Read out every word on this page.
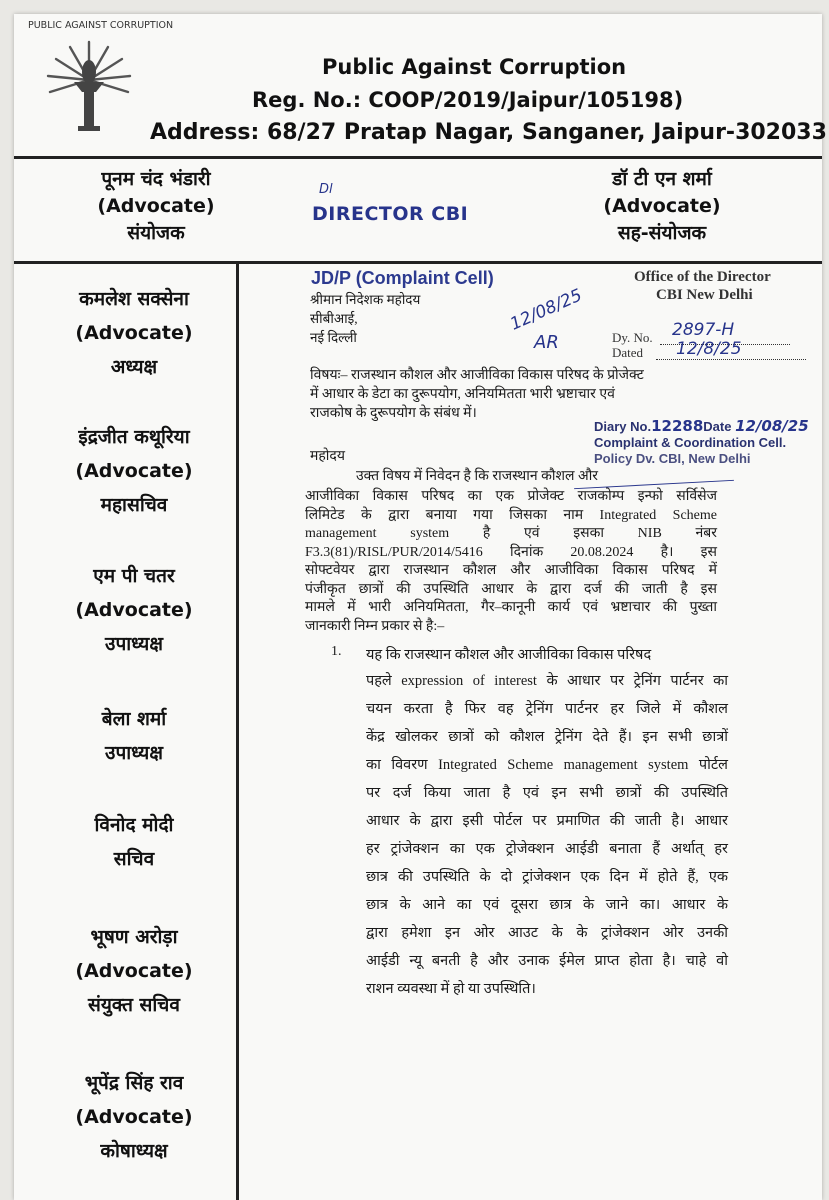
PUBLIC AGAINST CORRUPTION
Public Against Corruption
Reg. No.: COOP/2019/Jaipur/105198)
Address: 68/27 Pratap Nagar, Sanganer, Jaipur-302033
पूनम चंद भंडारी
(Advocate)
संयोजक
डॉ टी एन शर्मा
(Advocate)
सह-संयोजक
Dl
DIRECTOR CBI
कमलेश सक्सेना
(Advocate)
अध्यक्ष
इंद्रजीत कथूरिया
(Advocate)
महासचिव
एम पी चतर
(Advocate)
उपाध्यक्ष
बेला शर्मा
उपाध्यक्ष
विनोद मोदी
सचिव
भूषण अरोड़ा
(Advocate)
संयुक्त सचिव
भूपेंद्र सिंह राव
(Advocate)
कोषाध्यक्ष
JD/P (Complaint Cell)	Office of the Director
CBI New Delhi
Dy. No. 2897-H
Dated 12/8/25
12/08/25
AR
Diary No.12288Date 12/08/25
Complaint & Coordination Cell.
Policy Dv. CBI, New Delhi
श्रीमान निदेशक महोदय
सीबीआई,
नई दिल्ली
विषयः– राजस्थान कौशल और आजीविका विकास परिषद के प्रोजेक्ट
में आधार के डेटा का दुरूपयोग, अनियमितता भारी भ्रष्टाचार एवं
राजकोष के दुरूपयोग के संबंध में।
महोदय
उक्त विषय में निवेदन है कि राजस्थान कौशल और
आजीविका विकास परिषद का एक प्रोजेक्ट राजकोम्प इन्फो सर्विसेज
लिमिटेड के द्वारा बनाया गया जिसका नाम Integrated Scheme
management system है एवं इसका NIB नंबर
F3.3(81)/RISL/PUR/2014/5416 दिनांक 20.08.2024 है। इस
सोफ्टवेयर द्वारा राजस्थान कौशल और आजीविका विकास परिषद में
पंजीकृत छात्रों की उपस्थिति आधार के द्वारा दर्ज की जाती है इस
मामले में भारी अनियमितता, गैर–कानूनी कार्य एवं भ्रष्टाचार की पुख्ता
जानकारी निम्न प्रकार से है:–
1. यह कि राजस्थान कौशल और आजीविका विकास परिषद
पहले expression of interest के आधार पर ट्रेनिंग पार्टनर का
चयन करता है फिर वह ट्रेनिंग पार्टनर हर जिले में कौशल
केंद्र खोलकर छात्रों को कौशल ट्रेनिंग देते हैं। इन सभी छात्रों
का विवरण Integrated Scheme management system पोर्टल
पर दर्ज किया जाता है एवं इन सभी छात्रों की उपस्थिति
आधार के द्वारा इसी पोर्टल पर प्रमाणित की जाती है। आधार
हर ट्रांजेक्शन का एक ट्रोजेक्शन आईडी बनाता हैं अर्थात् हर
छात्र की उपस्थिति के दो ट्रांजेक्शन एक दिन में होते हैं, एक
छात्र के आने का एवं दूसरा छात्र के जाने का। आधार के
द्वारा हमेशा इन ओर आउट के के ट्रांजेक्शन ओर उनकी
आईडी न्यू बनती है और उनाक ईमेल प्राप्त होता है। चाहे वो
राशन व्यवस्था में हो या उपस्थिति।
